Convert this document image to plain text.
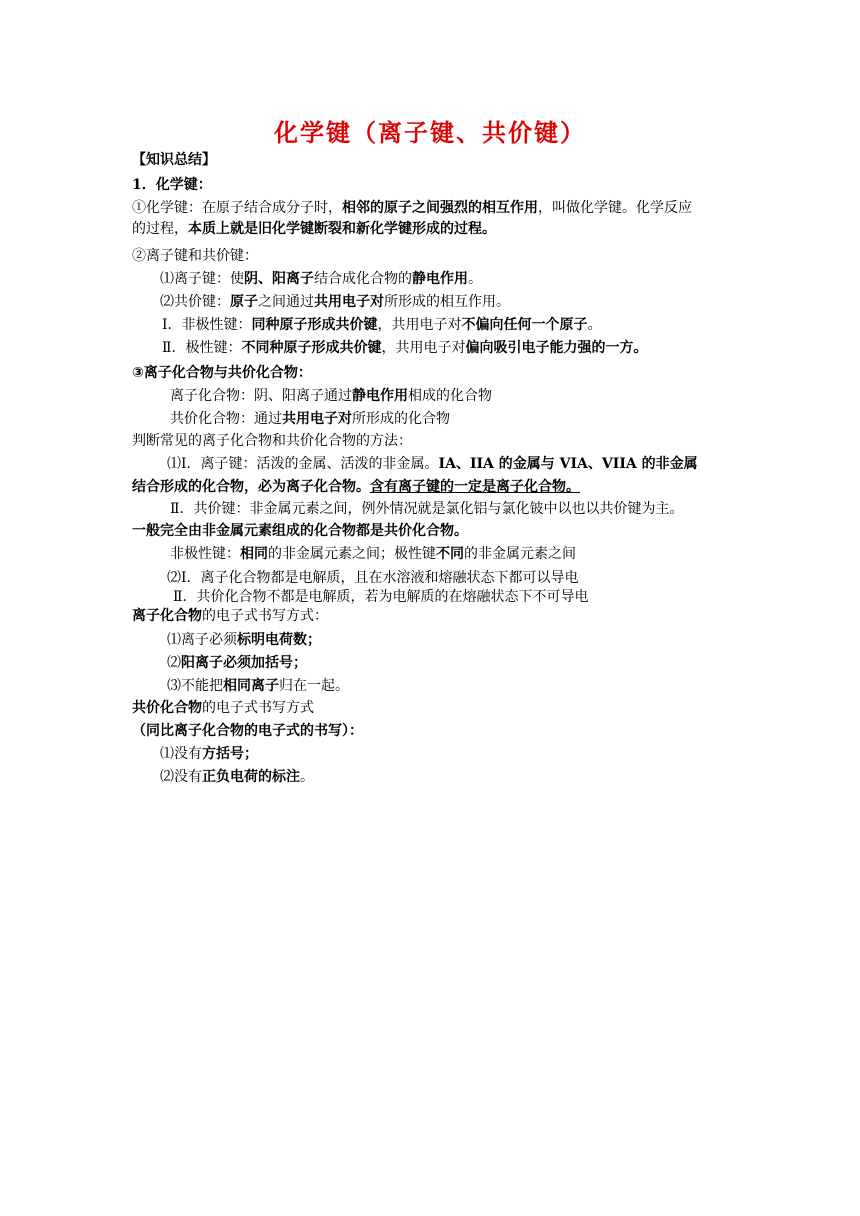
化学键（离子键、共价键）
【知识总结】
1．化学键：
①化学键：在原子结合成分子时，相邻的原子之间强烈的相互作用，叫做化学键。化学反应
的过程，本质上就是旧化学键断裂和新化学键形成的过程。
②离子键和共价键：
⑴离子键：使阴、阳离子结合成化合物的静电作用。
⑵共价键：原子之间通过共用电子对所形成的相互作用。
Ⅰ．非极性键：同种原子形成共价键，共用电子对不偏向任何一个原子。
Ⅱ．极性键：不同种原子形成共价键，共用电子对偏向吸引电子能力强的一方。
③离子化合物与共价化合物：
离子化合物：阴、阳离子通过静电作用相成的化合物
共价化合物：通过共用电子对所形成的化合物
判断常见的离子化合物和共价化合物的方法：
⑴Ⅰ．离子键：活泼的金属、活泼的非金属。IA、IIA 的金属与 VIA、VIIA 的非金属
结合形成的化合物，必为离子化合物。含有离子键的一定是离子化合物。
Ⅱ．共价键：非金属元素之间，例外情况就是氯化铝与氯化铍中以也以共价键为主。
一般完全由非金属元素组成的化合物都是共价化合物。
非极性键：相同的非金属元素之间；极性键不同的非金属元素之间
⑵Ⅰ．离子化合物都是电解质，且在水溶液和熔融状态下都可以导电
Ⅱ．共价化合物不都是电解质，若为电解质的在熔融状态下不可导电
离子化合物的电子式书写方式：
⑴离子必须标明电荷数；
⑵阳离子必须加括号；
⑶不能把相同离子归在一起。
共价化合物的电子式书写方式
（同比离子化合物的电子式的书写）：
⑴没有方括号；
⑵没有正负电荷的标注。
